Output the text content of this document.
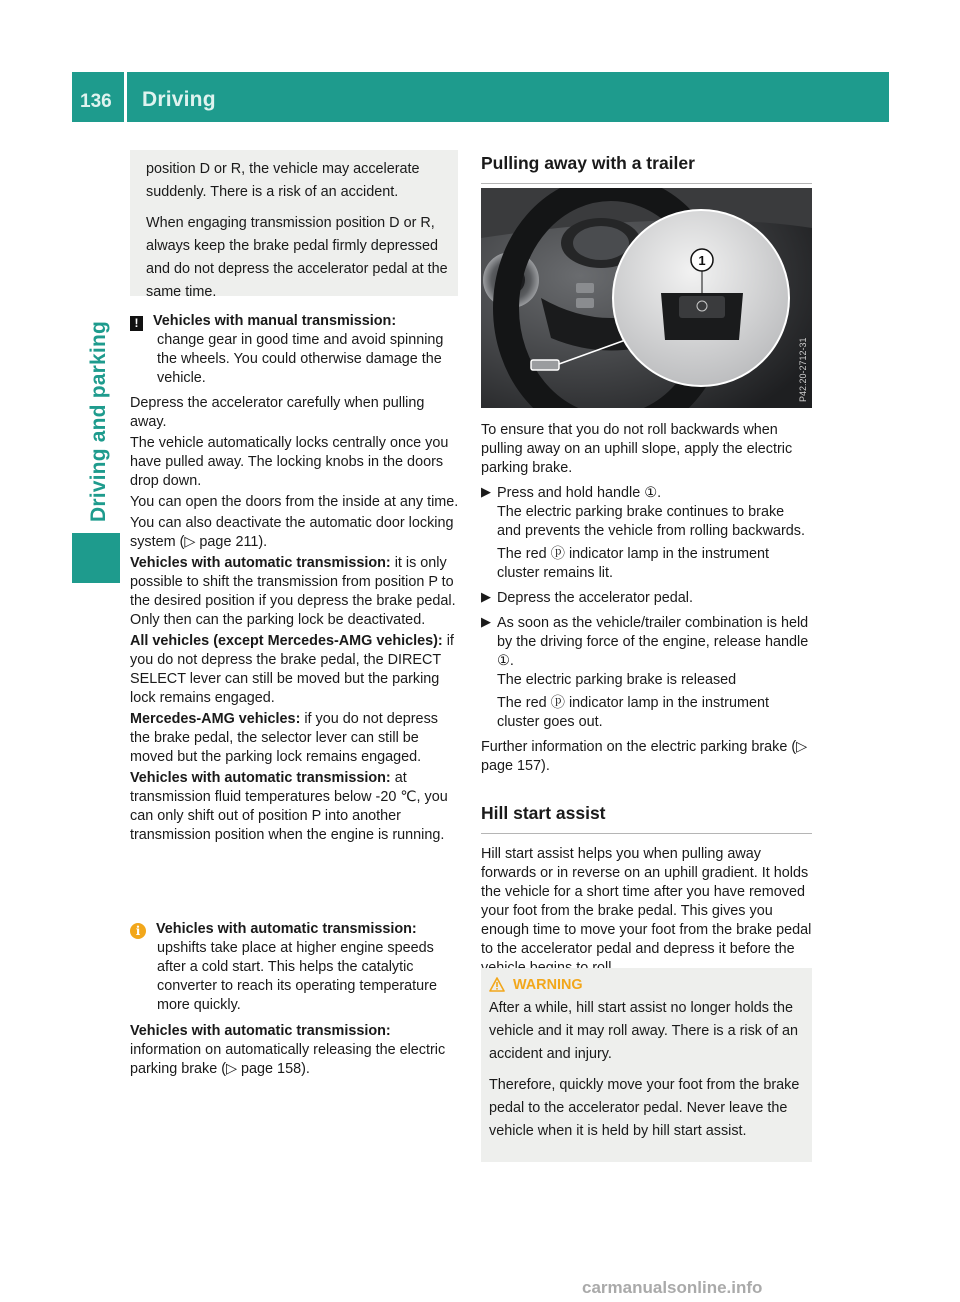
136 Driving
Driving and parking

position D or R, the vehicle may accelerate suddenly. There is a risk of an accident.

When engaging transmission position D or R, always keep the brake pedal firmly depressed and do not depress the accelerator pedal at the same time.

! Vehicles with manual transmission:

change gear in good time and avoid spinning the wheels. You could otherwise damage the vehicle.

Depress the accelerator carefully when pulling away.

The vehicle automatically locks centrally once you have pulled away. The locking knobs in the doors drop down.

You can open the doors from the inside at any time.

You can also deactivate the automatic door locking system (▷ page 211).

Vehicles with automatic transmission: it is only possible to shift the transmission from position P to the desired position if you depress the brake pedal. Only then can the parking lock be deactivated.

All vehicles (except Mercedes-AMG vehicles): if you do not depress the brake pedal, the DIRECT SELECT lever can still be moved but the parking lock remains engaged.

Mercedes-AMG vehicles: if you do not depress the brake pedal, the selector lever can still be moved but the parking lock remains engaged.

Vehicles with automatic transmission: at transmission fluid temperatures below -20 ℃, you can only shift out of position P into another transmission position when the engine is running.

i Vehicles with automatic transmission:

upshifts take place at higher engine speeds after a cold start. This helps the catalytic converter to reach its operating temperature more quickly.

Vehicles with automatic transmission: information on automatically releasing the electric parking brake (▷ page 158).

Pulling away with a trailer
1
P42.20-2712-31

To ensure that you do not roll backwards when pulling away on an uphill slope, apply the electric parking brake.

▶ Press and hold handle ①.

The electric parking brake continues to brake and prevents the vehicle from rolling backwards.

The red ⓟ indicator lamp in the instrument cluster remains lit.

▶ Depress the accelerator pedal.

▶ As soon as the vehicle/trailer combination is held by the driving force of the engine, release handle ①.

The electric parking brake is released

The red ⓟ indicator lamp in the instrument cluster goes out.

Further information on the electric parking brake (▷ page 157).

Hill start assist

Hill start assist helps you when pulling away forwards or in reverse on an uphill gradient. It holds the vehicle for a short time after you have removed your foot from the brake pedal. This gives you enough time to move your foot from the brake pedal to the accelerator pedal and depress it before the

WARNING

After a while, hill start assist no longer holds the vehicle and it may roll away. There is a risk of an accident and injury.

Therefore, quickly move your foot from the brake pedal to the accelerator pedal. Never leave the vehicle when it is held by hill start assist.

carmanualsonline.info
